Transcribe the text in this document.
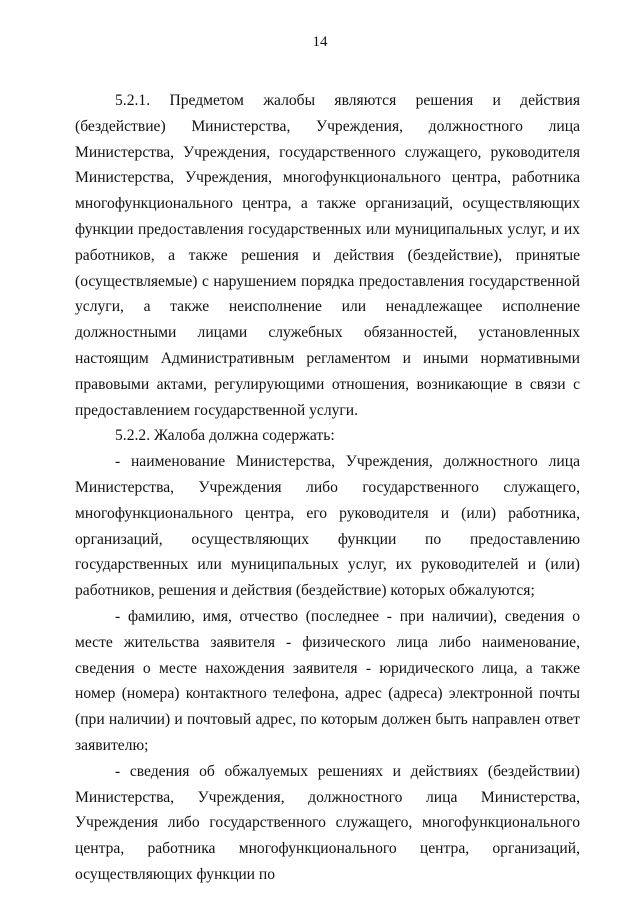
14

5.2.1. Предметом жалобы являются решения и действия (бездействие) Министерства, Учреждения, должностного лица Министерства, Учреждения, государственного служащего, руководителя Министерства, Учреждения, многофункционального центра, работника многофункционального центра, а также организаций, осуществляющих функции предоставления государственных или муниципальных услуг, и их работников, а также решения и действия (бездействие), принятые (осуществляемые) с нарушением порядка предоставления государственной услуги, а также неисполнение или ненадлежащее исполнение должностными лицами служебных обязанностей, установленных настоящим Административным регламентом и иными нормативными правовыми актами, регулирующими отношения, возникающие в связи с предоставлением государственной услуги.

5.2.2. Жалоба должна содержать:

- наименование Министерства, Учреждения, должностного лица Министерства, Учреждения либо государственного служащего, многофункционального центра, его руководителя и (или) работника, организаций, осуществляющих функции по предоставлению государственных или муниципальных услуг, их руководителей и (или) работников, решения и действия (бездействие) которых обжалуются;

- фамилию, имя, отчество (последнее - при наличии), сведения о месте жительства заявителя - физического лица либо наименование, сведения о месте нахождения заявителя - юридического лица, а также номер (номера) контактного телефона, адрес (адреса) электронной почты (при наличии) и почтовый адрес, по которым должен быть направлен ответ заявителю;

- сведения об обжалуемых решениях и действиях (бездействии) Министерства, Учреждения, должностного лица Министерства, Учреждения либо государственного служащего, многофункционального центра, работника многофункционального центра, организаций, осуществляющих функции по
